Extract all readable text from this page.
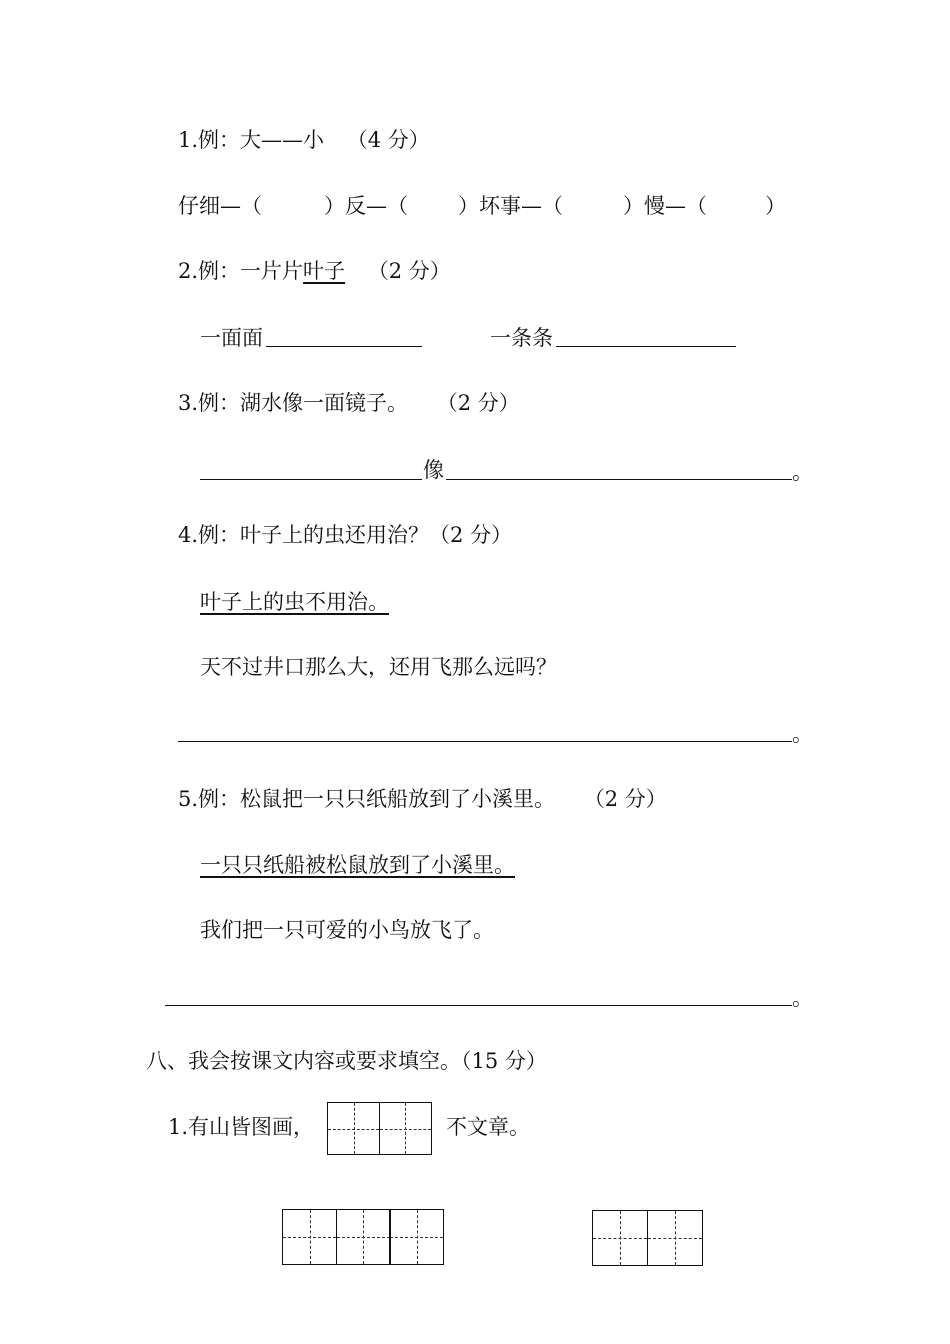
1.例：大——小 （4 分）
仔细—（	）反—（ ）坏事—（	）慢—（	）
2.例：一片片叶子 （2 分）
一面面	一条条
3.例：湖水像一面镜子。 （2 分）
像	。
4.例：叶子上的虫还用治？（2 分）
叶子上的虫不用治。
天不过井口那么大，还用飞那么远吗？
。
5.例：松鼠把一只只纸船放到了小溪里。 （2 分）
一只只纸船被松鼠放到了小溪里。
我们把一只可爱的小鸟放飞了。
。
八、我会按课文内容或要求填空。（15 分）
1.有山皆图画，	不文章。
